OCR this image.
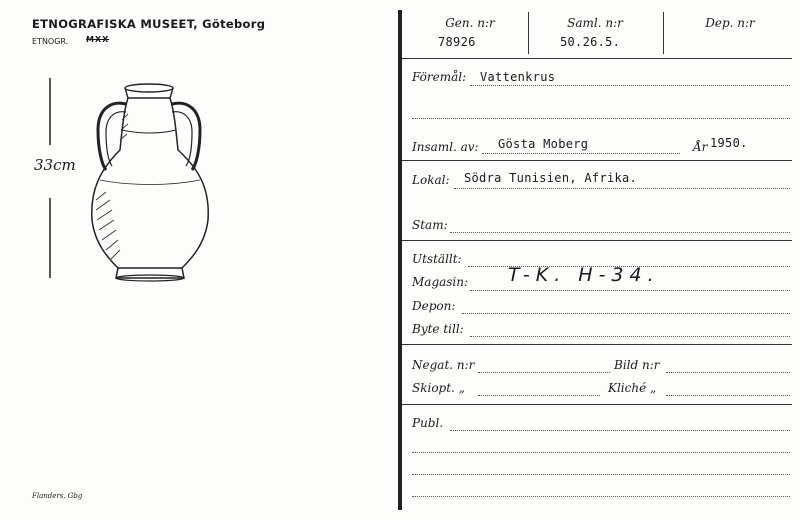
ETNOGRAFISKA MUSEET, Göteborg
ETNOGR. MXX
33cm
Flanders, Gbg
Gen. n:r
78926
Saml. n:r
50.26.5.
Dep. n:r
Föremål: Vattenkrus
Insaml. av: Gösta Moberg	År 1950.
Lokal: Södra Tunisien, Afrika.
Stam:
Utställt:
Magasin: T-K. H-34.
Depon:
Byte till:
Negat. n:r	Bild n:r
Skiopt. „	Kliché „
Publ.
